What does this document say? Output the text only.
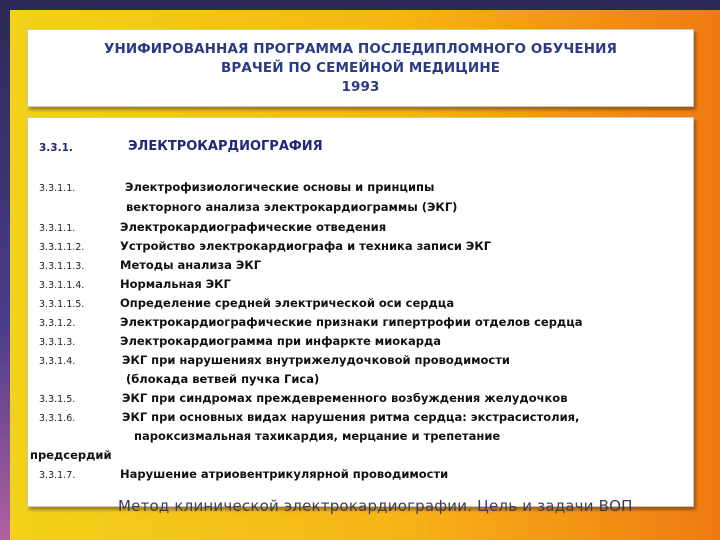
УНИФИРОВАННАЯ ПРОГРАММА ПОСЛЕДИПЛОМНОГО ОБУЧЕНИЯ
ВРАЧЕЙ ПО СЕМЕЙНОЙ МЕДИЦИНЕ
1993
3.3.1.	ЭЛЕКТРОКАРДИОГРАФИЯ
3.3.1.1.	Электрофизиологические основы и принципы
векторного анализа электрокардиограммы (ЭКГ)
3.3.1.1.	Электрокардиографические отведения
3.3.1.1.2.	Устройство электрокардиографа и техника записи ЭКГ
3.3.1.1.3.	Методы анализа ЭКГ
3.3.1.1.4.	Нормальная ЭКГ
3.3.1.1.5.	Определение средней электрической оси сердца
3.3.1.2.	Электрокардиографические признаки гипертрофии отделов сердца
3.3.1.3.	Электрокардиограмма при инфаркте миокарда
3.3.1.4.	ЭКГ при нарушениях внутрижелудочковой проводимости
(блокада ветвей пучка Гиса)
3.3.1.5.	ЭКГ при синдромах преждевременного возбуждения желудочков
3.3.1.6.	ЭКГ при основных видах нарушения ритма сердца: экстрасистолия,
пароксизмальная тахикардия, мерцание и трепетание
предсердий
3.3.1.7.	Нарушение атриовентрикулярной проводимости
Метод клинической электрокардиографии. Цель и задачи ВОП
